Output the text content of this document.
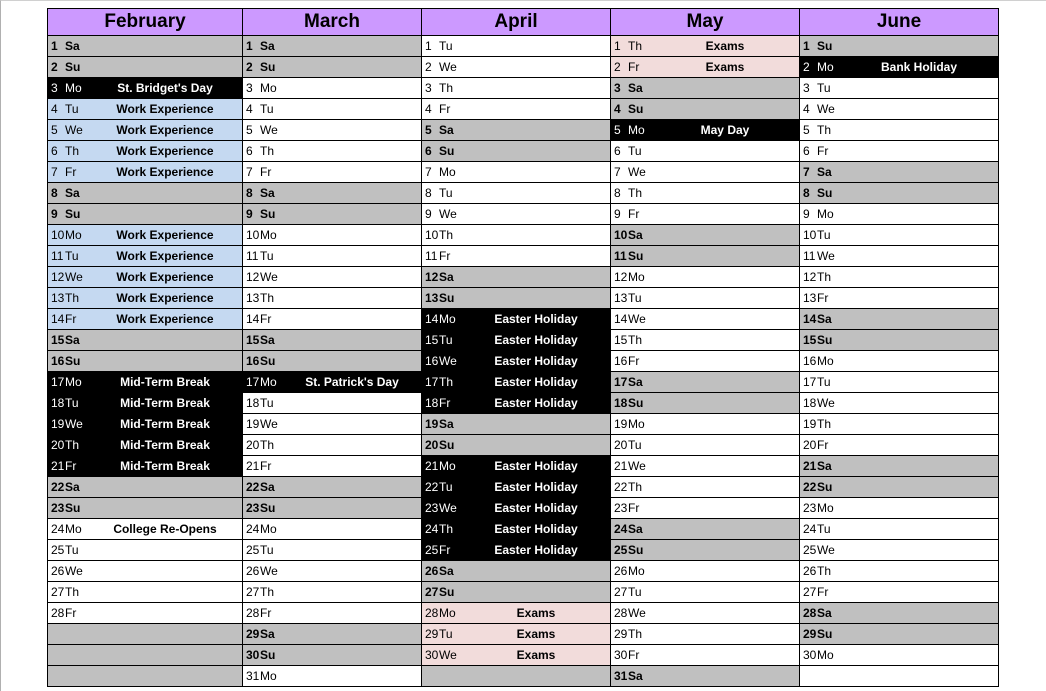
February	March	April	May	June

1 Sa	1 Sa	1 Tu	1 Th Exams	1 Su

2 Su	2 Su	2 We	2 Fr Exams	2 Mo Bank Holiday

3 Mo St. Bridget's Day	3 Mo	3 Th	3 Sa	3 Tu

4 Tu Work Experience	4 Tu	4 Fr	4 Su	4 We

5 We Work Experience	5 We	5 Sa	5 Mo May Day	5 Th

6 Th Work Experience	6 Th	6 Su	6 Tu	6 Fr

7 Fr Work Experience	7 Fr	7 Mo	7 We	7 Sa

8 Sa	8 Sa	8 Tu	8 Th	8 Su

9 Su	9 Su	9 We	9 Fr	9 Mo

10 Mo Work Experience	10 Mo	10 Th	10 Sa	10 Tu

11 Tu Work Experience	11 Tu	11 Fr	11 Su	11 We

12 We Work Experience	12 We	12 Sa	12 Mo	12 Th

13 Th Work Experience	13 Th	13 Su	13 Tu	13 Fr

14 Fr Work Experience	14 Fr	14 Mo Easter Holiday	14 We	14 Sa

15 Sa	15 Sa	15 Tu Easter Holiday	15 Th	15 Su

16 Su	16 Su	16 We Easter Holiday	16 Fr	16 Mo

17 Mo Mid-Term Break	17 Mo St. Patrick's Day	17 Th Easter Holiday	17 Sa	17 Tu

18 Tu Mid-Term Break	18 Tu	18 Fr Easter Holiday	18 Su	18 We

19 We Mid-Term Break	19 We	19 Sa	19 Mo	19 Th

20 Th Mid-Term Break	20 Th	20 Su	20 Tu	20 Fr

21 Fr Mid-Term Break	21 Fr	21 Mo Easter Holiday	21 We	21 Sa

22 Sa	22 Sa	22 Tu Easter Holiday	22 Th	22 Su

23 Su	23 Su	23 We Easter Holiday	23 Fr	23 Mo

24 Mo College Re-Opens	24 Mo	24 Th Easter Holiday	24 Sa	24 Tu

25 Tu	25 Tu	25 Fr Easter Holiday	25 Su	25 We

26 We	26 We	26 Sa	26 Mo	26 Th

27 Th	27 Th	27 Su	27 Tu	27 Fr

28 Fr	28 Fr	28 Mo Exams	28 We	28 Sa

	29 Sa	29 Tu Exams	29 Th	29 Su

	30 Su	30 We Exams	30 Fr	30 Mo

	31 Mo		31 Sa	
